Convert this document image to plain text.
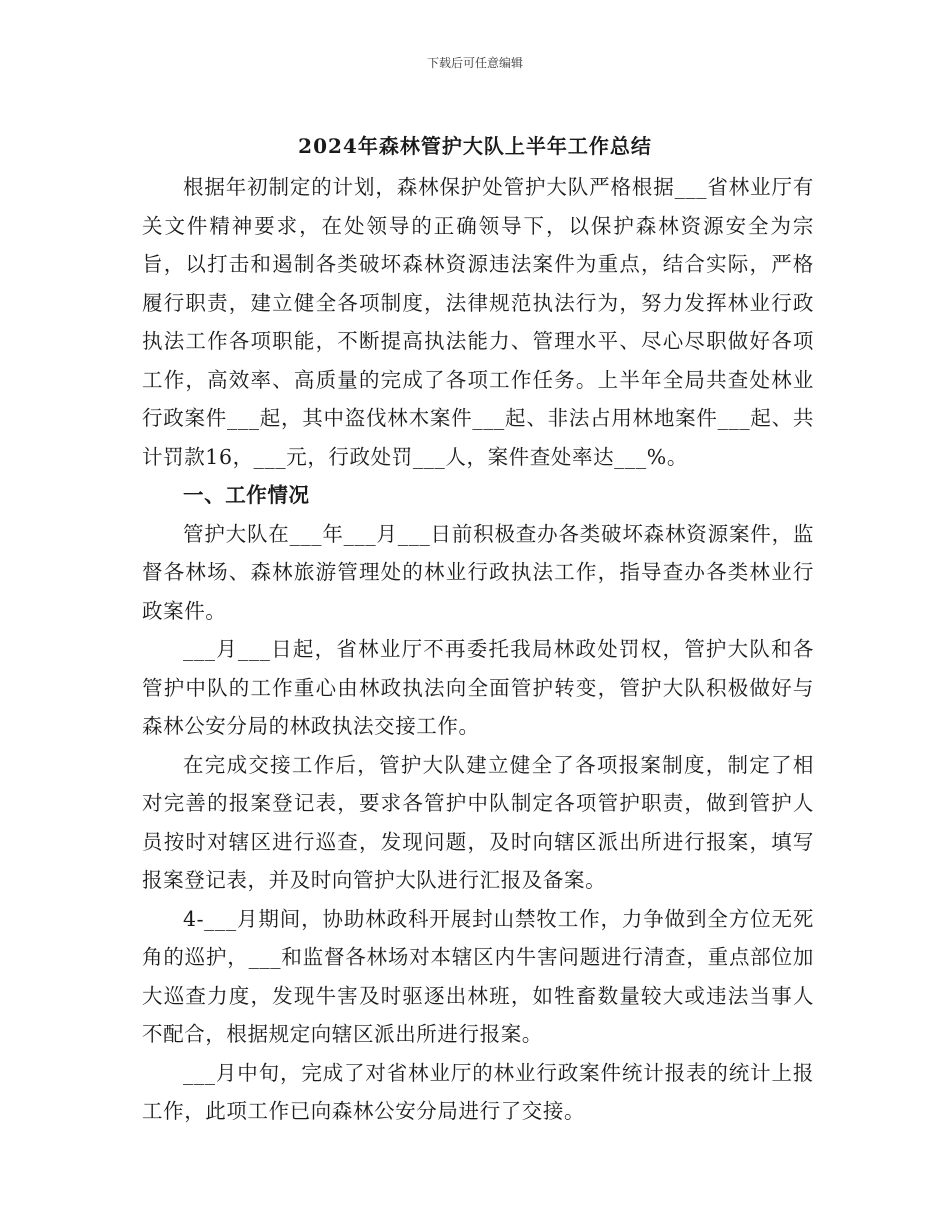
下载后可任意编辑
2024年森林管护大队上半年工作总结

根据年初制定的计划，森林保护处管护大队严格根据___省林业厅有关文件精神要求，在处领导的正确领导下，以保护森林资源安全为宗旨，以打击和遏制各类破坏森林资源违法案件为重点，结合实际，严格履行职责，建立健全各项制度，法律规范执法行为，努力发挥林业行政执法工作各项职能，不断提高执法能力、管理水平、尽心尽职做好各项工作，高效率、高质量的完成了各项工作任务。上半年全局共查处林业行政案件___起，其中盗伐林木案件___起、非法占用林地案件___起、共计罚款16，___元，行政处罚___人，案件查处率达___%。

一、工作情况

管护大队在___年___月___日前积极查办各类破坏森林资源案件，监督各林场、森林旅游管理处的林业行政执法工作，指导查办各类林业行政案件。

___月___日起，省林业厅不再委托我局林政处罚权，管护大队和各管护中队的工作重心由林政执法向全面管护转变，管护大队积极做好与森林公安分局的林政执法交接工作。

在完成交接工作后，管护大队建立健全了各项报案制度，制定了相对完善的报案登记表，要求各管护中队制定各项管护职责，做到管护人员按时对辖区进行巡查，发现问题，及时向辖区派出所进行报案，填写报案登记表，并及时向管护大队进行汇报及备案。

4-___月期间，协助林政科开展封山禁牧工作，力争做到全方位无死角的巡护，___和监督各林场对本辖区内牛害问题进行清查，重点部位加大巡查力度，发现牛害及时驱逐出林班，如牲畜数量较大或违法当事人不配合，根据规定向辖区派出所进行报案。

___月中旬，完成了对省林业厅的林业行政案件统计报表的统计上报工作，此项工作已向森林公安分局进行了交接。
